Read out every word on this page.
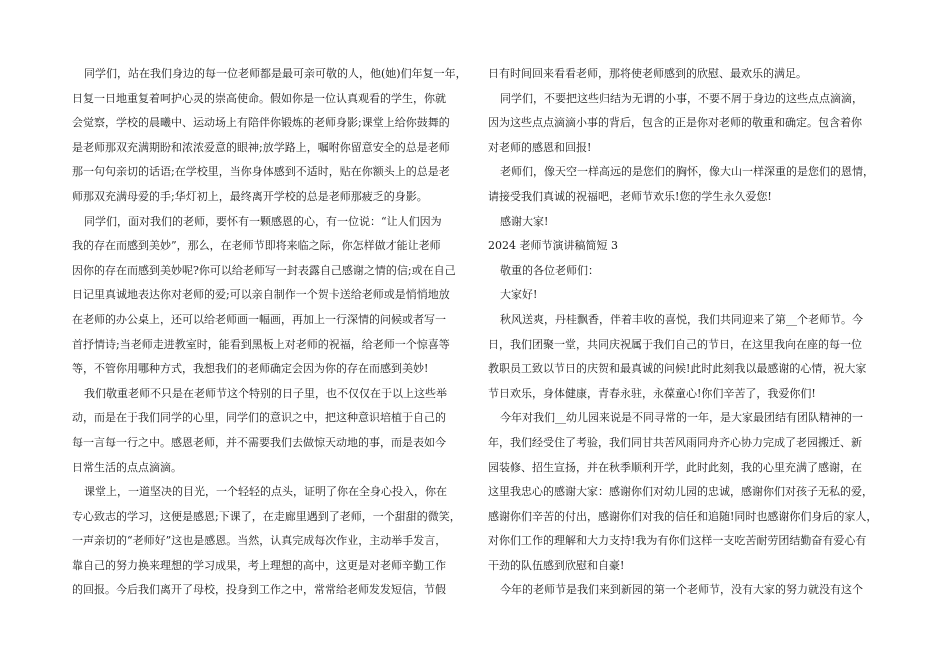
同学们，站在我们身边的每一位老师都是最可亲可敬的人，他(她)们年复一年，
日复一日地重复着呵护心灵的崇高使命。假如你是一位认真观看的学生，你就
会觉察，学校的晨曦中、运动场上有陪伴你锻炼的老师身影;课堂上给你鼓舞的
是老师那双充满期盼和浓浓爱意的眼神;放学路上，嘱咐你留意安全的总是老师
那一句句亲切的话语;在学校里，当你身体感到不适时，贴在你额头上的总是老
师那双充满母爱的手;华灯初上，最终离开学校的总是老师那疲乏的身影。
同学们，面对我们的老师，要怀有一颗感恩的心，有一位说：“让人们因为
我的存在而感到美妙”，那么，在老师节即将来临之际，你怎样做才能让老师
因你的存在而感到美妙呢?你可以给老师写一封表露自己感谢之情的信;或在自己
日记里真诚地表达你对老师的爱;可以亲自制作一个贺卡送给老师或是悄悄地放
在老师的办公桌上，还可以给老师画一幅画，再加上一行深情的问候或者写一
首抒情诗;当老师走进教室时，能看到黑板上对老师的祝福，给老师一个惊喜等
等，不管你用哪种方式，我想我们的老师确定会因为你的存在而感到美妙!
我们敬重老师不只是在老师节这个特别的日子里，也不仅仅在于以上这些举
动，而是在于我们同学的心里，同学们的意识之中，把这种意识培植于自己的
每一言每一行之中。感恩老师，并不需要我们去做惊天动地的事，而是表如今
日常生活的点点滴滴。
课堂上，一道坚决的目光，一个轻轻的点头，证明了你在全身心投入，你在
专心致志的学习，这便是感恩;下课了，在走廊里遇到了老师，一个甜甜的微笑，
一声亲切的“老师好”这也是感恩。当然，认真完成每次作业，主动举手发言，
靠自己的努力换来理想的学习成果，考上理想的高中，这更是对老师辛勤工作
的回报。今后我们离开了母校，投身到工作之中，常常给老师发发短信，节假
日有时间回来看看老师，那将使老师感到的欣慰、最欢乐的满足。
同学们，不要把这些归结为无谓的小事，不要不屑于身边的这些点点滴滴，
因为这些点点滴滴小事的背后，包含的正是你对老师的敬重和确定。包含着你
对老师的感恩和回报!
老师们，像天空一样高远的是您们的胸怀，像大山一样深重的是您们的恩情，
请接受我们真诚的祝福吧，老师节欢乐!您的学生永久爱您!
感谢大家!
2024 老师节演讲稿简短 3
敬重的各位老师们：
大家好!
秋风送爽，丹桂飘香，伴着丰收的喜悦，我们共同迎来了第__个老师节。今
日，我们团聚一堂，共同庆祝属于我们自己的节日，在这里我向在座的每一位
教职员工致以节日的庆贺和最真诚的问候!此时此刻我以最感谢的心情，祝大家
节日欢乐，身体健康，青春永驻，永葆童心!你们辛苦了，我爱你们!
今年对我们__幼儿园来说是不同寻常的一年，是大家最团结有团队精神的一
年，我们经受住了考验，我们同甘共苦风雨同舟齐心协力完成了老园搬迁、新
园装修、招生宣扬，并在秋季顺利开学，此时此刻，我的心里充满了感谢，在
这里我忠心的感谢大家：感谢你们对幼儿园的忠诚，感谢你们对孩子无私的爱，
感谢你们辛苦的付出，感谢你们对我的信任和追随!同时也感谢你们身后的家人，
对你们工作的理解和大力支持!我为有你们这样一支吃苦耐劳团结勤奋有爱心有
干劲的队伍感到欣慰和自豪!
今年的老师节是我们来到新园的第一个老师节，没有大家的努力就没有这个
